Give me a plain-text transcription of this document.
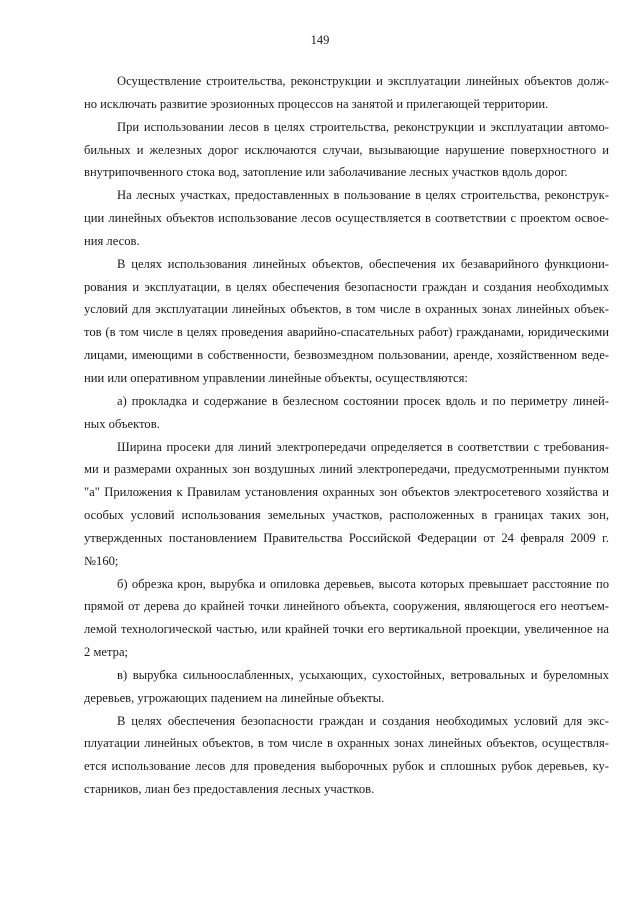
149

Осуществление строительства, реконструкции и эксплуатации линейных объектов долж-
но исключать развитие эрозионных процессов на занятой и прилегающей территории.

При использовании лесов в целях строительства, реконструкции и эксплуатации автомо-
бильных и железных дорог исключаются случаи, вызывающие нарушение поверхностного и
внутрипочвенного стока вод, затопление или заболачивание лесных участков вдоль дорог.

На лесных участках, предоставленных в пользование в целях строительства, реконструк-
ции линейных объектов использование лесов осуществляется в соответствии с проектом освое-
ния лесов.

В целях использования линейных объектов, обеспечения их безаварийного функциони-
рования и эксплуатации, в целях обеспечения безопасности граждан и создания необходимых
условий для эксплуатации линейных объектов, в том числе в охранных зонах линейных объек-
тов (в том числе в целях проведения аварийно-спасательных работ) гражданами, юридическими
лицами, имеющими в собственности, безвозмездном пользовании, аренде, хозяйственном веде-
нии или оперативном управлении линейные объекты, осуществляются:

а) прокладка и содержание в безлесном состоянии просек вдоль и по периметру линей-
ных объектов.

Ширина просеки для линий электропередачи определяется в соответствии с требования-
ми и размерами охранных зон воздушных линий электропередачи, предусмотренными пунктом
"а" Приложения к Правилам установления охранных зон объектов электросетевого хозяйства и
особых условий использования земельных участков, расположенных в границах таких зон,
утвержденных постановлением Правительства Российской Федерации от 24 февраля 2009 г.
№160;

б) обрезка крон, вырубка и опиловка деревьев, высота которых превышает расстояние по
прямой от дерева до крайней точки линейного объекта, сооружения, являющегося его неотъем-
лемой технологической частью, или крайней точки его вертикальной проекции, увеличенное на
2 метра;

в) вырубка сильноослабленных, усыхающих, сухостойных, ветровальных и буреломных
деревьев, угрожающих падением на линейные объекты.

В целях обеспечения безопасности граждан и создания необходимых условий для экс-
плуатации линейных объектов, в том числе в охранных зонах линейных объектов, осуществля-
ется использование лесов для проведения выборочных рубок и сплошных рубок деревьев, ку-
старников, лиан без предоставления лесных участков.
